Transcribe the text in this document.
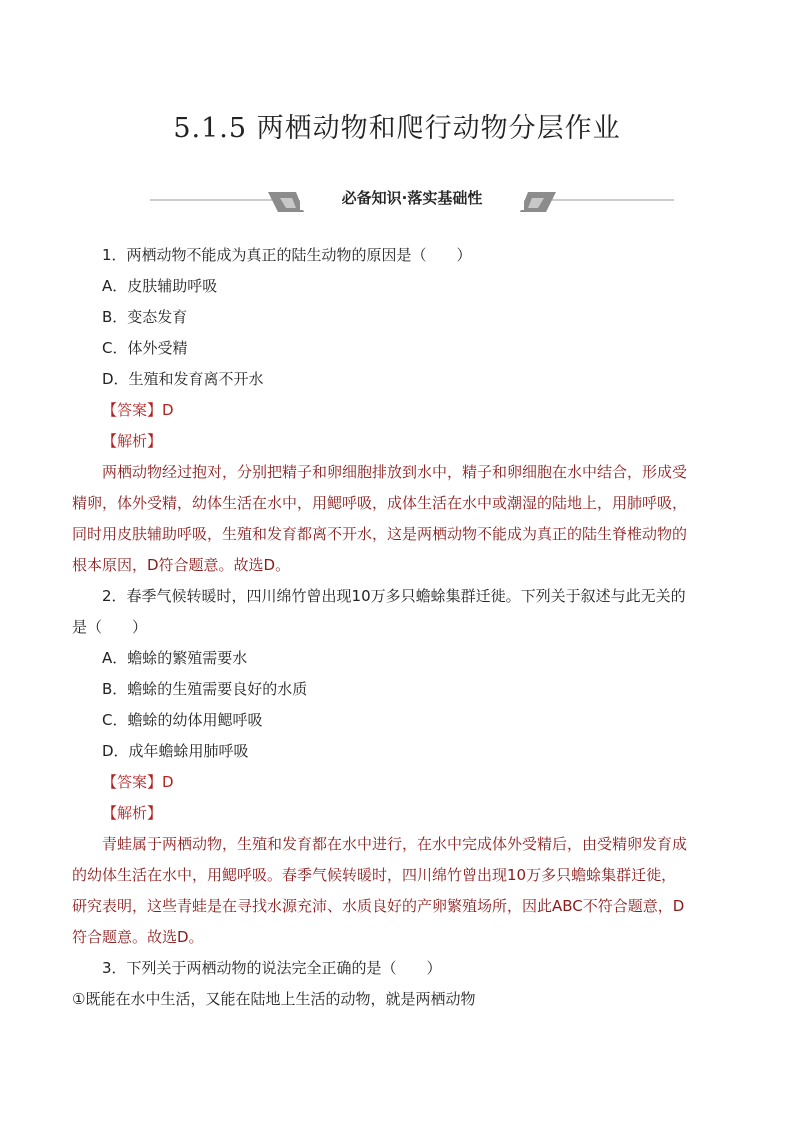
5.1.5 两栖动物和爬行动物分层作业
必备知识·落实基础性
1．两栖动物不能成为真正的陆生动物的原因是（　　）
A．皮肤辅助呼吸
B．变态发育
C．体外受精
D．生殖和发育离不开水
【答案】D
【解析】
两栖动物经过抱对，分别把精子和卵细胞排放到水中，精子和卵细胞在水中结合，形成受
精卵，体外受精，幼体生活在水中，用鳃呼吸，成体生活在水中或潮湿的陆地上，用肺呼吸，
同时用皮肤辅助呼吸，生殖和发育都离不开水，这是两栖动物不能成为真正的陆生脊椎动物的
根本原因，D符合题意。故选D。
2．春季气候转暖时，四川绵竹曾出现10万多只蟾蜍集群迁徙。下列关于叙述与此无关的
是（　　）
A．蟾蜍的繁殖需要水
B．蟾蜍的生殖需要良好的水质
C．蟾蜍的幼体用鳃呼吸
D．成年蟾蜍用肺呼吸
【答案】D
【解析】
青蛙属于两栖动物，生殖和发育都在水中进行，在水中完成体外受精后，由受精卵发育成
的幼体生活在水中，用鳃呼吸。春季气候转暖时，四川绵竹曾出现10万多只蟾蜍集群迁徙，
研究表明，这些青蛙是在寻找水源充沛、水质良好的产卵繁殖场所，因此ABC不符合题意，D
符合题意。故选D。
3．下列关于两栖动物的说法完全正确的是（　　）
①既能在水中生活，又能在陆地上生活的动物，就是两栖动物
